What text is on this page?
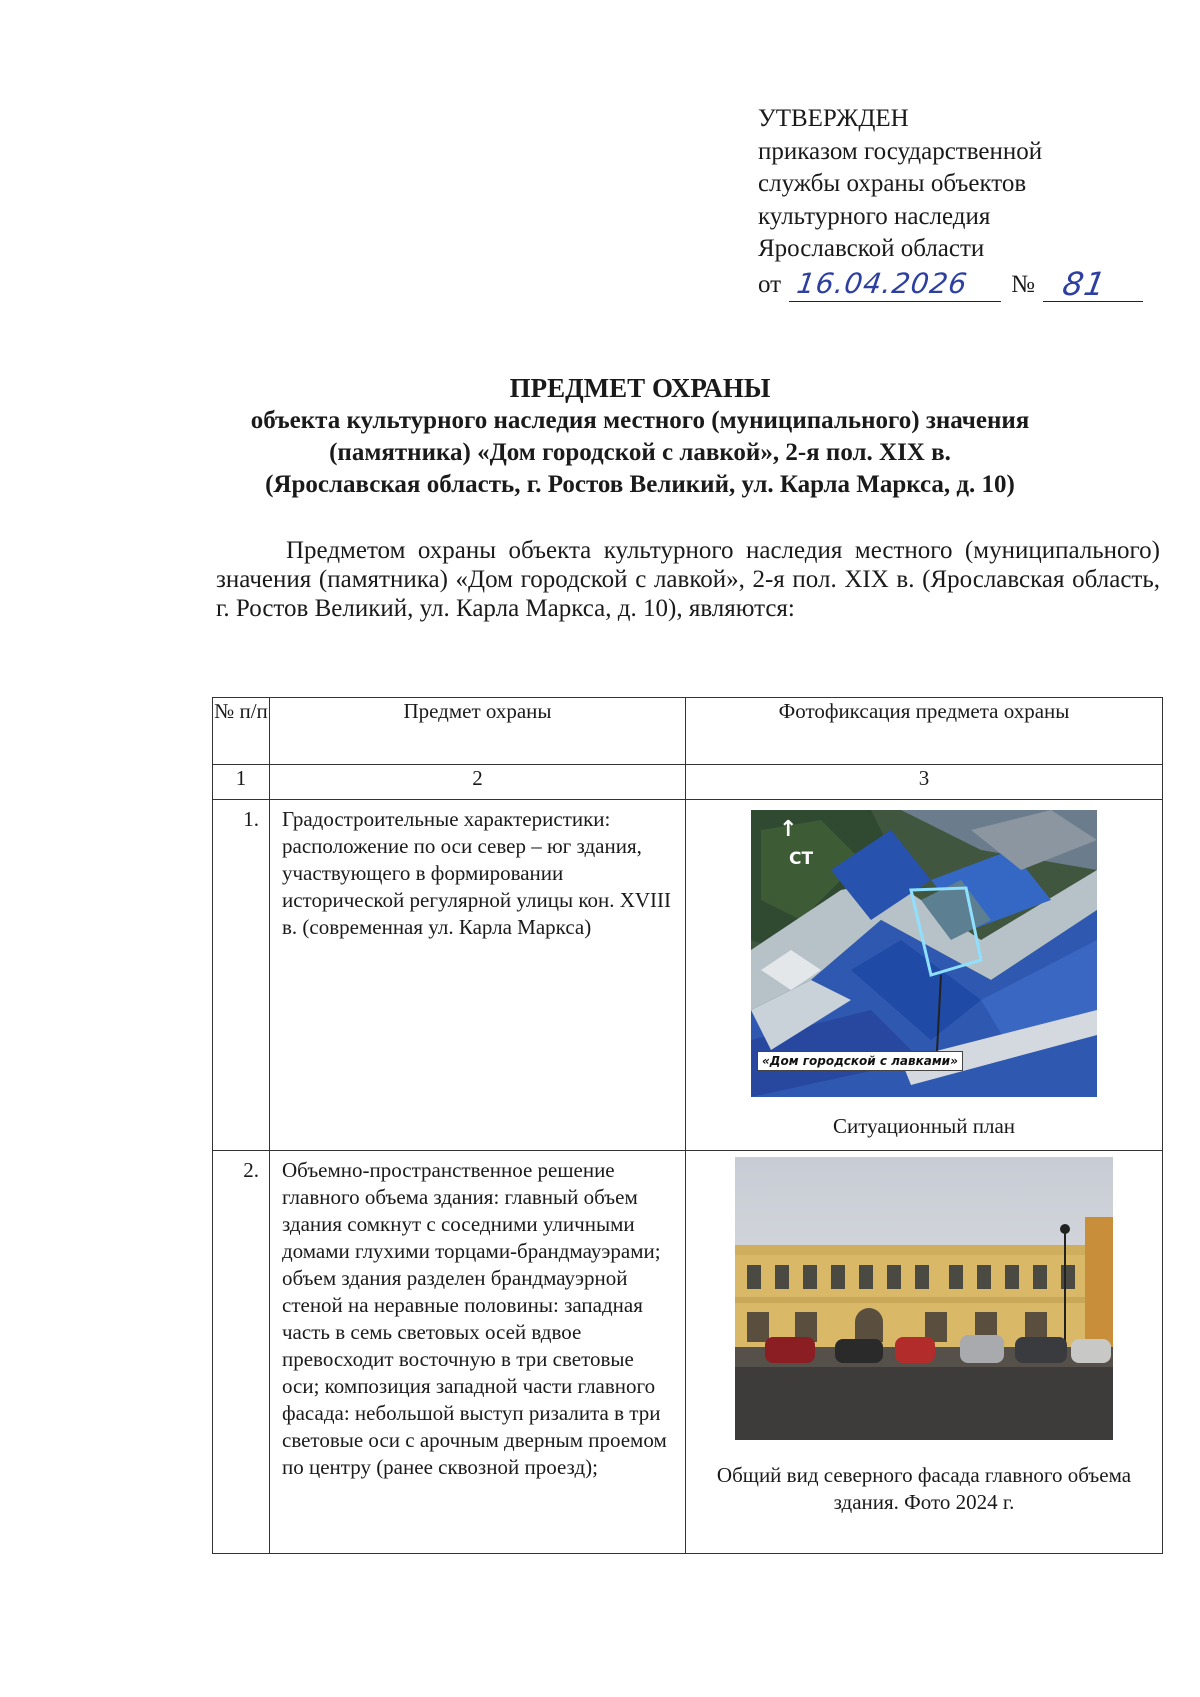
УТВЕРЖДЕН
приказом государственной
службы охраны объектов
культурного наследия
Ярославской области
от 16.04.2026 № 81
ПРЕДМЕТ ОХРАНЫ
объекта культурного наследия местного (муниципального) значения
(памятника) «Дом городской с лавкой», 2-я пол. XIX в.
(Ярославская область, г. Ростов Великий, ул. Карла Маркса, д. 10)
Предметом охраны объекта культурного наследия местного (муниципального) значения (памятника) «Дом городской с лавкой», 2-я пол. XIX в. (Ярославская область, г. Ростов Великий, ул. Карла Маркса, д. 10), являются:
№ п/п	Предмет охраны	Фотофиксация предмета охраны
1	2	3
1.	Градостроительные характеристики: расположение по оси север – юг здания, участвующего в формировании исторической регулярной улицы кон. XVIII в. (современная ул. Карла Маркса)	↑
СТ
«Дом городской с лавками»
Ситуационный план

2.	Объемно-пространственное решение главного объема здания: главный объем здания сомкнут с соседними уличными домами глухими торцами-брандмауэрами; объем здания разделен брандмауэрной стеной на неравные половины: западная часть в семь световых осей вдвое превосходит восточную в три световые оси; композиция западной части главного фасада: небольшой выступ ризалита в три световые оси с арочным дверным проемом по центру (ранее сквозной проезд);	Общий вид северного фасада главного объема здания. Фото 2024 г.
